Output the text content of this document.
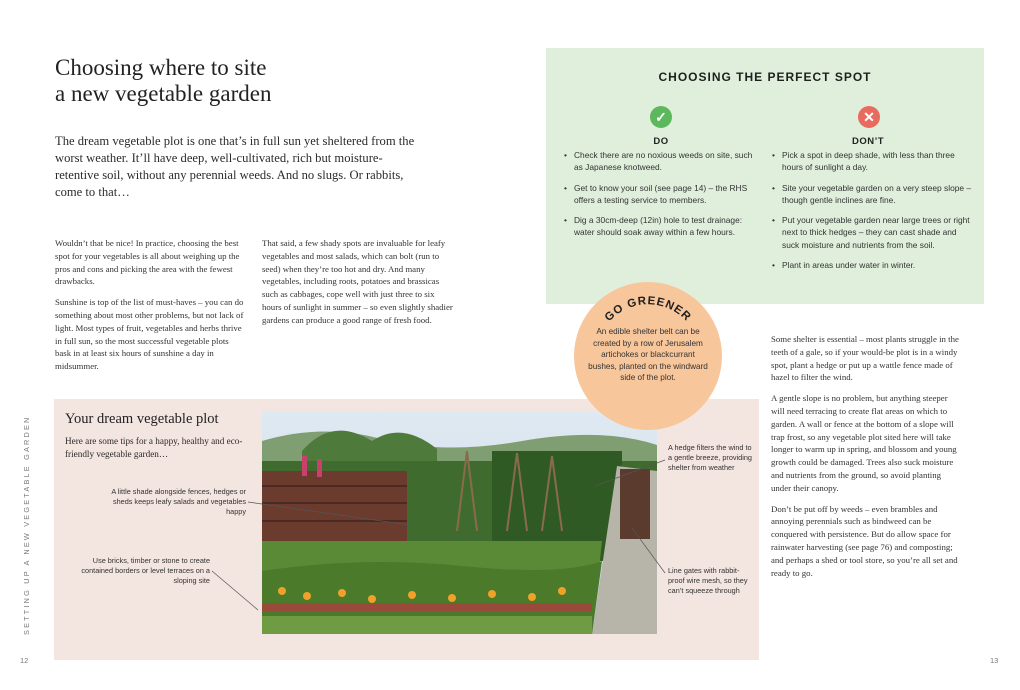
Choosing where to site
a new vegetable garden
The dream vegetable plot is one that’s in full sun yet sheltered from the worst weather. It’ll have deep, well-cultivated, rich but moisture-retentive soil, without any perennial weeds. And no slugs. Or rabbits, come to that…

Wouldn’t that be nice! In practice, choosing the best spot for your vegetables is all about weighing up the pros and cons and picking the area with the fewest drawbacks.

Sunshine is top of the list of must-haves – you can do something about most other problems, but not lack of light. Most types of fruit, vegetables and herbs thrive in full sun, so the most successful vegetable plots bask in at least six hours of sunshine a day in midsummer.

That said, a few shady spots are invaluable for leafy vegetables and most salads, which can bolt (run to seed) when they’re too hot and dry. And many vegetables, including roots, potatoes and brassicas such as cabbages, cope well with just three to six hours of sunlight in summer – so even slightly shadier gardens can produce a good range of fresh food.

CHOOSING THE PERFECT SPOT
✓	✕
DO	DON’T
• Check there are no noxious weeds on site, such as Japanese knotweed.
• Get to know your soil (see page 14) – the RHS offers a testing service to members.
• Dig a 30cm-deep (12in) hole to test drainage: water should soak away within a few hours.
• Pick a spot in deep shade, with less than three hours of sunlight a day.
• Site your vegetable garden on a very steep slope – though gentle inclines are fine.
• Put your vegetable garden near large trees or right next to thick hedges – they can cast shade and suck moisture and nutrients from the soil.
• Plant in areas under water in winter.

Some shelter is essential – most plants struggle in the teeth of a gale, so if your would-be plot is in a windy spot, plant a hedge or put up a wattle fence made of hazel to filter the wind.

A gentle slope is no problem, but anything steeper will need terracing to create flat areas on which to garden. A wall or fence at the bottom of a slope will trap frost, so any vegetable plot sited here will take longer to warm up in spring, and blossom and young growth could be damaged. Trees also suck moisture and nutrients from the ground, so avoid planting under their canopy.

Don’t be put off by weeds – even brambles and annoying perennials such as bindweed can be conquered with persistence. But do allow space for rainwater harvesting (see page 76) and composting; and perhaps a shed or tool store, so you’re all set and ready to go.

Your dream vegetable plot
Here are some tips for a happy, healthy and eco-friendly vegetable garden…
A little shade alongside fences, hedges or sheds keeps leafy salads and vegetables happy
Use bricks, timber or stone to create contained borders or level terraces on a sloping site
A hedge filters the wind to a gentle breeze, providing shelter from weather
Line gates with rabbit-proof wire mesh, so they can’t squeeze through
GO GREENER
An edible shelter belt can be created by a row of Jerusalem artichokes or blackcurrant bushes, planted on the windward side of the plot.
SETTING UP A NEW VEGETABLE GARDEN
12	13
